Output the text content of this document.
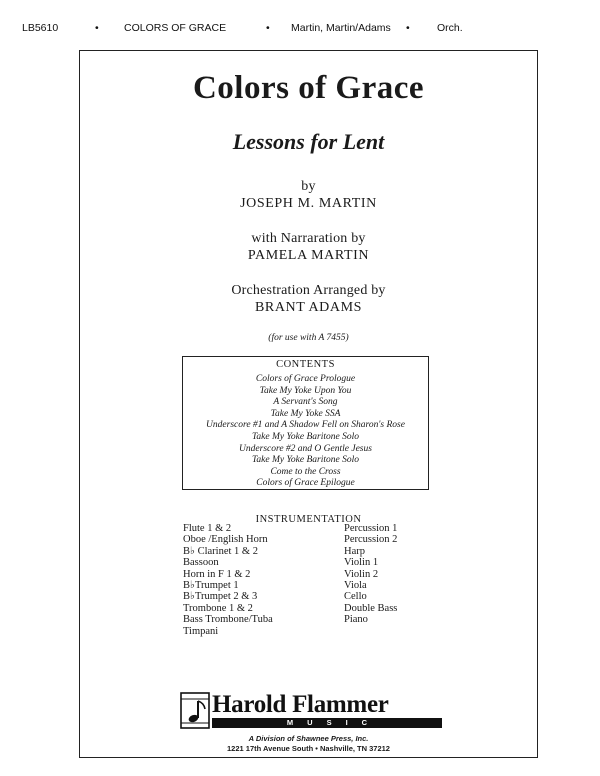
LB5610	• COLORS OF GRACE	• Martin, Martin/Adams •	Orch.
Colors of Grace
Lessons for Lent
by
JOSEPH M. MARTIN
with Narraration by
PAMELA MARTIN
Orchestration Arranged by
BRANT ADAMS
(for use with A 7455)
CONTENTS
Colors of Grace Prologue
Take My Yoke Upon You
A Servant's Song
Take My Yoke SSA
Underscore #1 and A Shadow Fell on Sharon's Rose
Take My Yoke Baritone Solo
Underscore #2 and O Gentle Jesus
Take My Yoke Baritone Solo
Come to the Cross
Colors of Grace Epilogue
INSTRUMENTATION
Flute 1 & 2
Oboe /English Horn
B♭ Clarinet 1 & 2
Bassoon
Horn in F 1 & 2
B♭Trumpet 1
B♭Trumpet 2 & 3
Trombone 1 & 2
Bass Trombone/Tuba
Timpani
Percussion 1
Percussion 2
Harp
Violin 1
Violin 2
Viola
Cello
Double Bass
Piano
Harold Flammer
MUSIC
A Division of Shawnee Press, Inc.
1221 17th Avenue South • Nashville, TN 37212
